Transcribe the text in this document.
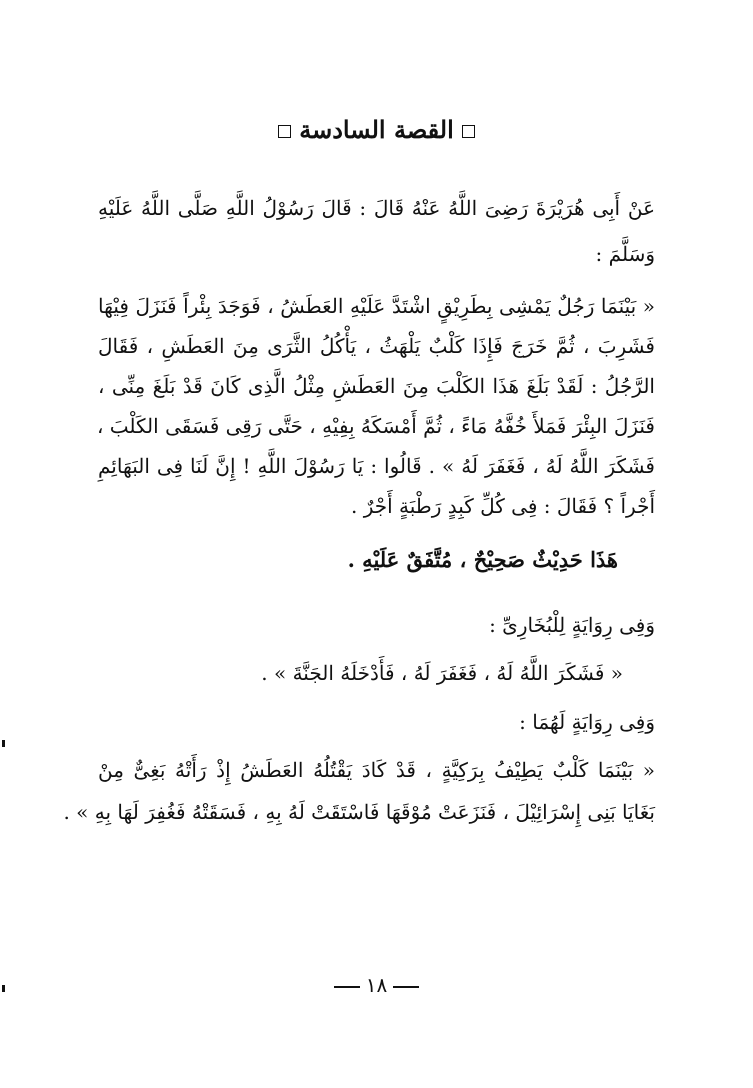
القصة السادسة
عَنْ أَبِى هُرَيْرَةَ رَضِىَ اللَّهُ عَنْهُ قَالَ : قَالَ رَسُوْلُ اللَّهِ صَلَّى اللَّهُ عَلَيْهِ
وَسَلَّمَ :
« بَيْنَمَا رَجُلٌ يَمْشِى بِطَرِيْقٍ اشْتَدَّ عَلَيْهِ العَطَشُ ، فَوَجَدَ بِئْراً فَنَزَلَ فِيْهَا
فَشَرِبَ ، ثُمَّ خَرَجَ فَإِذَا كَلْبٌ يَلْهَثُ ، يَأْكُلُ الثَّرَى مِنَ العَطَشِ ، فَقَالَ
الرَّجُلُ : لَقَدْ بَلَغَ هَذَا الكَلْبَ مِنَ العَطَشِ مِثْلُ الَّذِى كَانَ قَدْ بَلَغَ مِنِّى ،
فَنَزَلَ البِئْرَ فَمَلأَ خُفَّهُ مَاءً ، ثُمَّ أَمْسَكَهُ بِفِيْهِ ، حَتَّى رَقِى فَسَقَى الكَلْبَ ،
فَشَكَرَ اللَّهُ لَهُ ، فَغَفَرَ لَهُ » . قَالُوا : يَا رَسُوْلَ اللَّهِ ! إِنَّ لَنَا فِى البَهَائِمِ
أَجْراً ؟ فَقَالَ : فِى كُلِّ كَبِدٍ رَطْبَةٍ أَجْرٌ .
هَذَا حَدِيْثٌ صَحِيْحٌ ، مُتَّفَقٌ عَلَيْهِ .
وَفِى رِوَايَةٍ لِلْبُخَارِىِّ :
« فَشَكَرَ اللَّهُ لَهُ ، فَغَفَرَ لَهُ ، فَأَدْخَلَهُ الجَنَّةَ » .
وَفِى رِوَايَةٍ لَهُمَا :
« بَيْنَمَا كَلْبٌ يَطِيْفُ بِرَكِيَّةٍ ، قَدْ كَادَ يَقْتُلُهُ العَطَشُ إِذْ رَأَتْهُ بَغِىٌّ مِنْ
بَغَايَا بَنِى إِسْرَائِيْلَ ، فَنَزَعَتْ مُوْقَهَا فَاسْتَقَتْ لَهُ بِهِ ، فَسَقَتْهُ فَغُفِرَ لَهَا بِهِ » .
١٨
